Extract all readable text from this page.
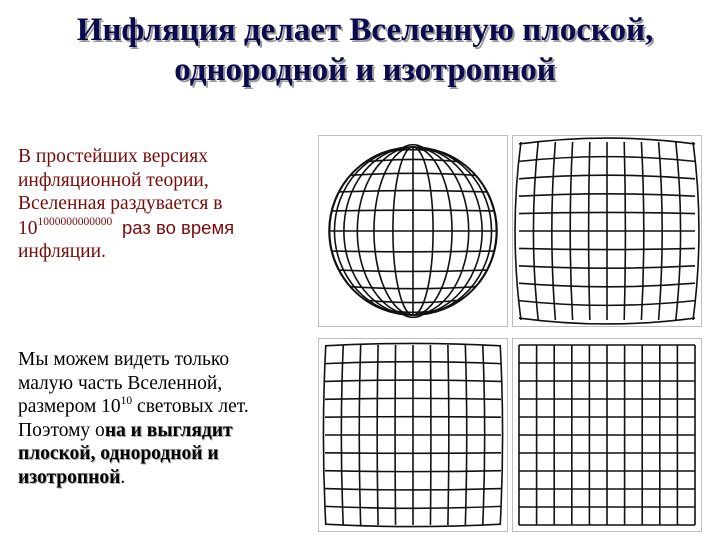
Инфляция делает Вселенную плоской,

однородной и изотропной
В простейших версиях
инфляционной теории,
Вселенная раздувается в
$10^{1000000000000}$ раз во время
инфляции.
Мы можем видеть только
малую часть Вселенной,
размером $10^{10}$ световых лет.
Поэтому она и выглядит
плоской, однородной и
изотропной.
